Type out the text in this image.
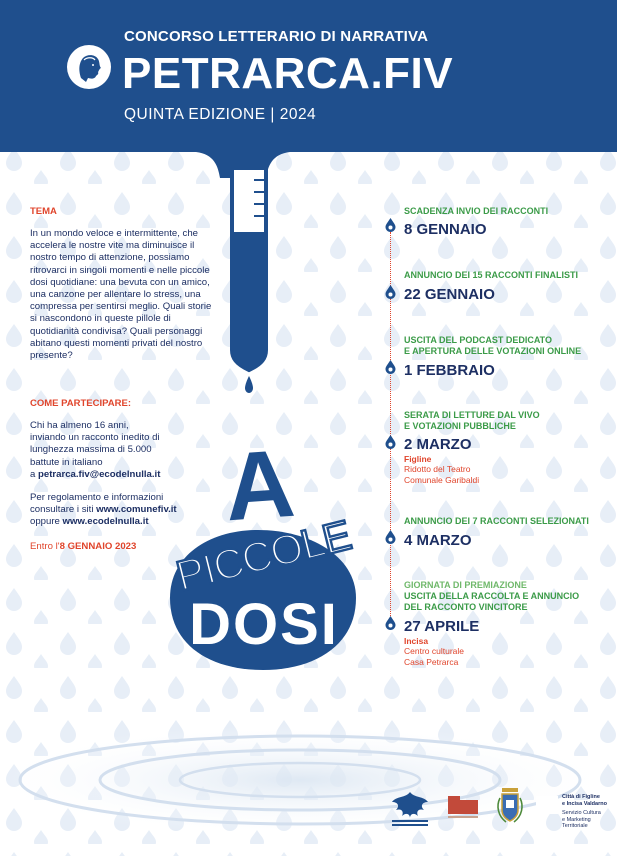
CONCORSO LETTERARIO DI NARRATIVA
PETRARCA.FIV
QUINTA EDIZIONE | 2024
TEMA
In un mondo veloce e intermittente, che accelera le nostre vite ma diminuisce il nostro tempo di attenzione, possiamo ritrovarci in singoli momenti e nelle piccole dosi quotidiane: una bevuta con un amico, una canzone per allentare lo stress, una compressa per sentirsi meglio. Quali storie si nascondono in queste pillole di quotidianità condivisa? Quali personaggi abitano questi momenti privati del nostro presente?
COME PARTECIPARE:
Chi ha almeno 16 anni,
inviando un racconto inedito di
lunghezza massima di 5.000
battute in italiano
a petrarca.fiv@ecodelnulla.it
Per regolamento e informazioni
consultare i siti www.comunefiv.it
oppure www.ecodelnulla.it
Entro l'8 GENNAIO 2023
A
PICCOLE
DOSI
SCADENZA INVIO DEI RACCONTI
8 GENNAIO
ANNUNCIO DEI 15 RACCONTI FINALISTI
22 GENNAIO
USCITA DEL PODCAST DEDICATO
E APERTURA DELLE VOTAZIONI ONLINE
1 FEBBRAIO
SERATA DI LETTURE DAL VIVO
E VOTAZIONI PUBBLICHE
2 MARZO
Figline
Ridotto del Teatro
Comunale Garibaldi
ANNUNCIO DEI 7 RACCONTI SELEZIONATI
4 MARZO
GIORNATA DI PREMIAZIONE
USCITA DELLA RACCOLTA E ANNUNCIO
DEL RACCONTO VINCITORE
27 APRILE
Incisa
Centro culturale
Casa Petrarca
Città di Figline
e Incisa Valdarno
Servizio Cultura
e Marketing Territoriale
